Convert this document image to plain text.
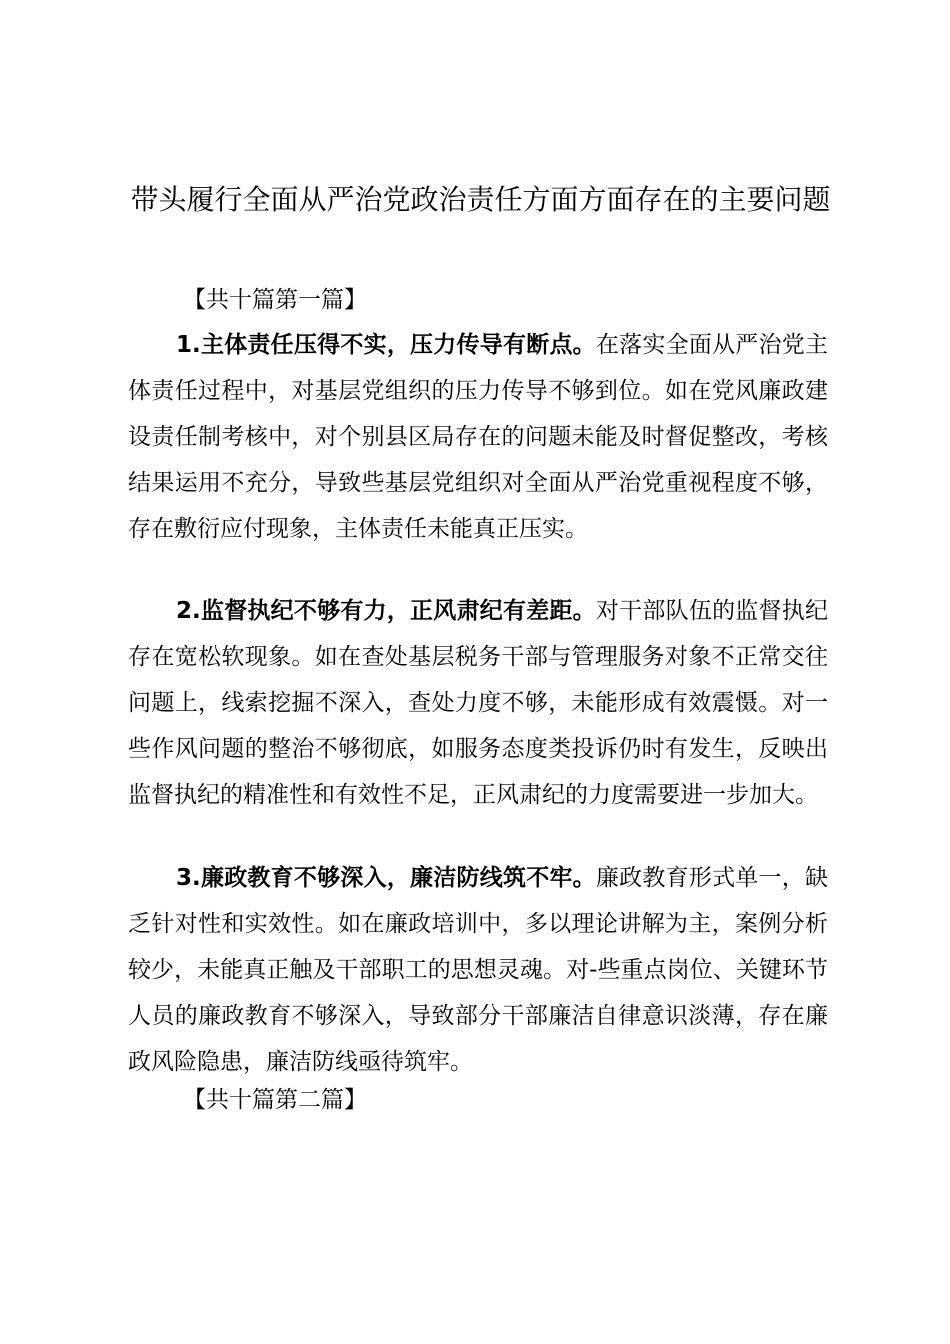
带头履行全面从严治党政治责任方面方面存在的主要问题

【共十篇第一篇】

1.主体责任压得不实，压力传导有断点。在落实全面从严治党主体责任过程中，对基层党组织的压力传导不够到位。如在党风廉政建设责任制考核中，对个别县区局存在的问题未能及时督促整改，考核结果运用不充分，导致些基层党组织对全面从严治党重视程度不够，存在敷衍应付现象，主体责任未能真正压实。

2.监督执纪不够有力，正风肃纪有差距。对干部队伍的监督执纪存在宽松软现象。如在查处基层税务干部与管理服务对象不正常交往问题上，线索挖掘不深入，查处力度不够，未能形成有效震慑。对一些作风问题的整治不够彻底，如服务态度类投诉仍时有发生，反映出监督执纪的精准性和有效性不足，正风肃纪的力度需要进一步加大。

3.廉政教育不够深入，廉洁防线筑不牢。廉政教育形式单一，缺乏针对性和实效性。如在廉政培训中，多以理论讲解为主，案例分析较少，未能真正触及干部职工的思想灵魂。对-些重点岗位、关键环节人员的廉政教育不够深入，导致部分干部廉洁自律意识淡薄，存在廉政风险隐患，廉洁防线亟待筑牢。

【共十篇第二篇】
